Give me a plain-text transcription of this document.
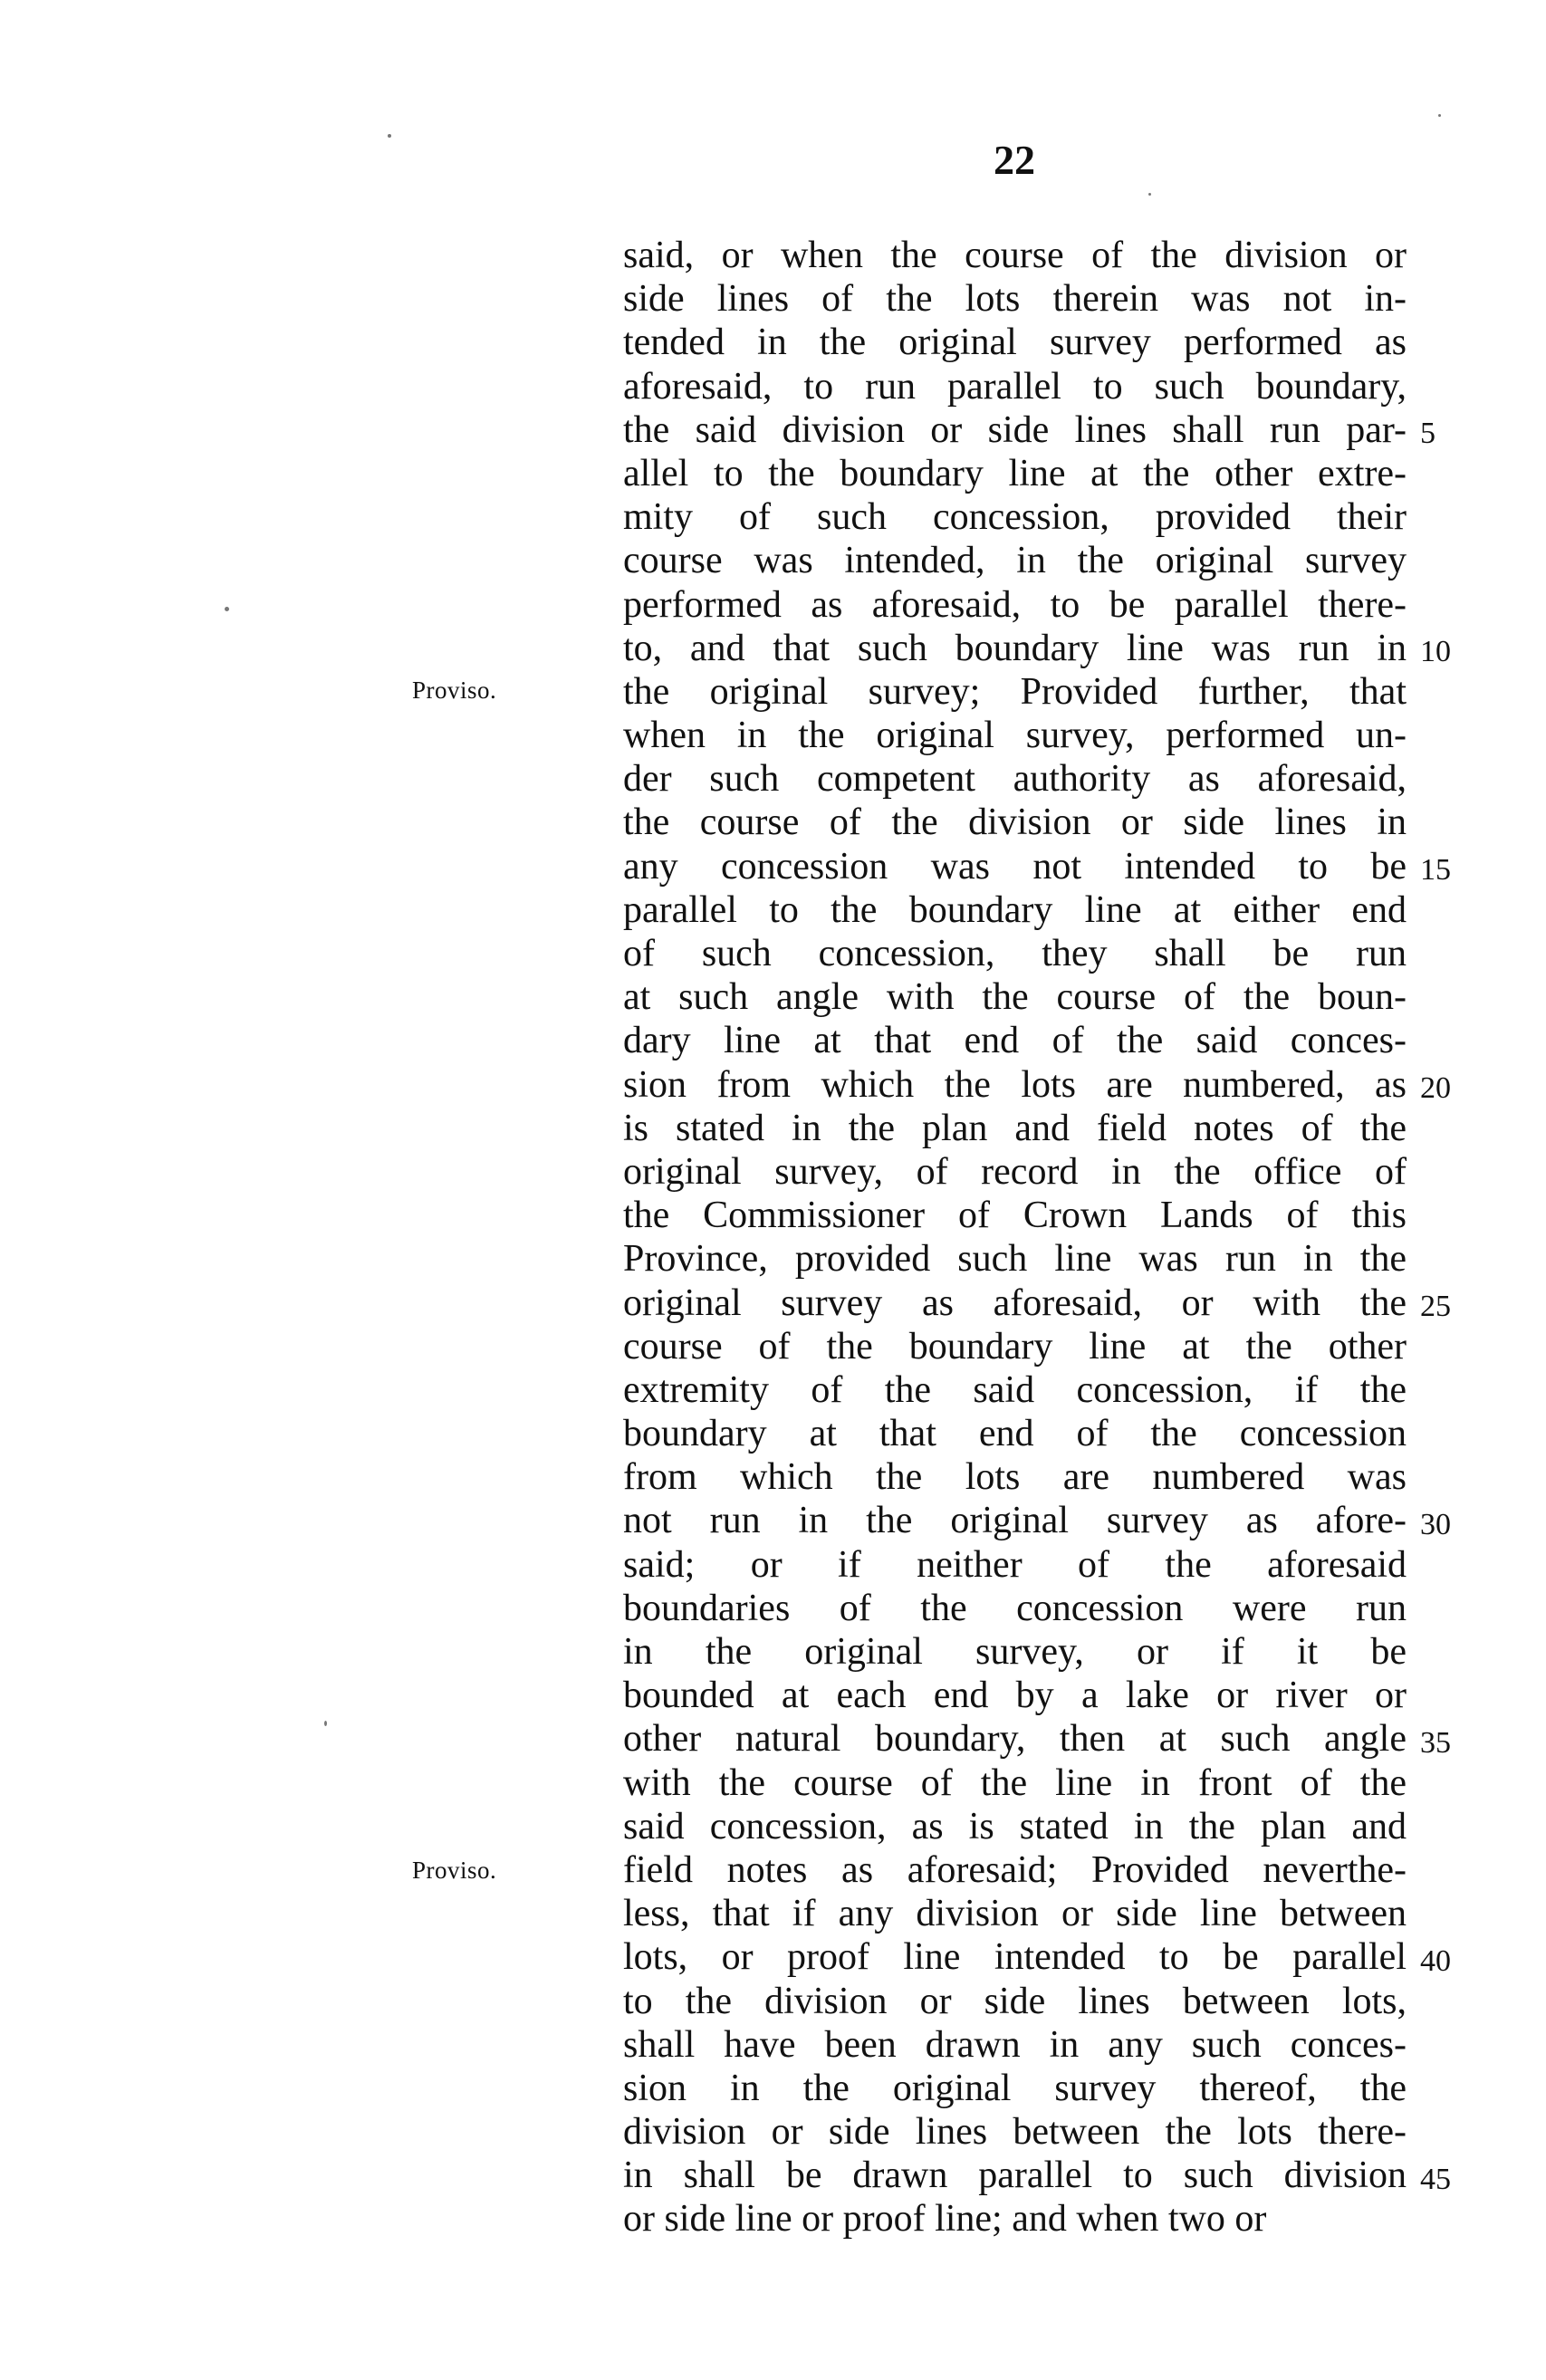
22
said, or when the course of the division or
side lines of the lots therein was not in-
tended in the original survey performed as
aforesaid, to run parallel to such boundary,
the said division or side lines shall run par-
allel to the boundary line at the other extre-
mity of such concession, provided their
course was intended, in the original survey
performed as aforesaid, to be parallel there-
to, and that such boundary line was run in
the original survey; Provided further, that
when in the original survey, performed un-
der such competent authority as aforesaid,
the course of the division or side lines in
any concession was not intended to be
parallel to the boundary line at either end
of such concession, they shall be run
at such angle with the course of the boun-
dary line at that end of the said conces-
sion from which the lots are numbered, as
is stated in the plan and field notes of the
original survey, of record in the office of
the Commissioner of Crown Lands of this
Province, provided such line was run in the
original survey as aforesaid, or with the
course of the boundary line at the other
extremity of the said concession, if the
boundary at that end of the concession
from which the lots are numbered was
not run in the original survey as afore-
said; or if neither of the aforesaid
boundaries of the concession were run
in the original survey, or if it be
bounded at each end by a lake or river or
other natural boundary, then at such angle
with the course of the line in front of the
said concession, as is stated in the plan and
field notes as aforesaid; Provided neverthe-
less, that if any division or side line between
lots, or proof line intended to be parallel
to the division or side lines between lots,
shall have been drawn in any such conces-
sion in the original survey thereof, the
division or side lines between the lots there-
in shall be drawn parallel to such division
or side line or proof line; and when two or
5
10
15
20
25
30
35
40
45
Proviso.
Proviso.
